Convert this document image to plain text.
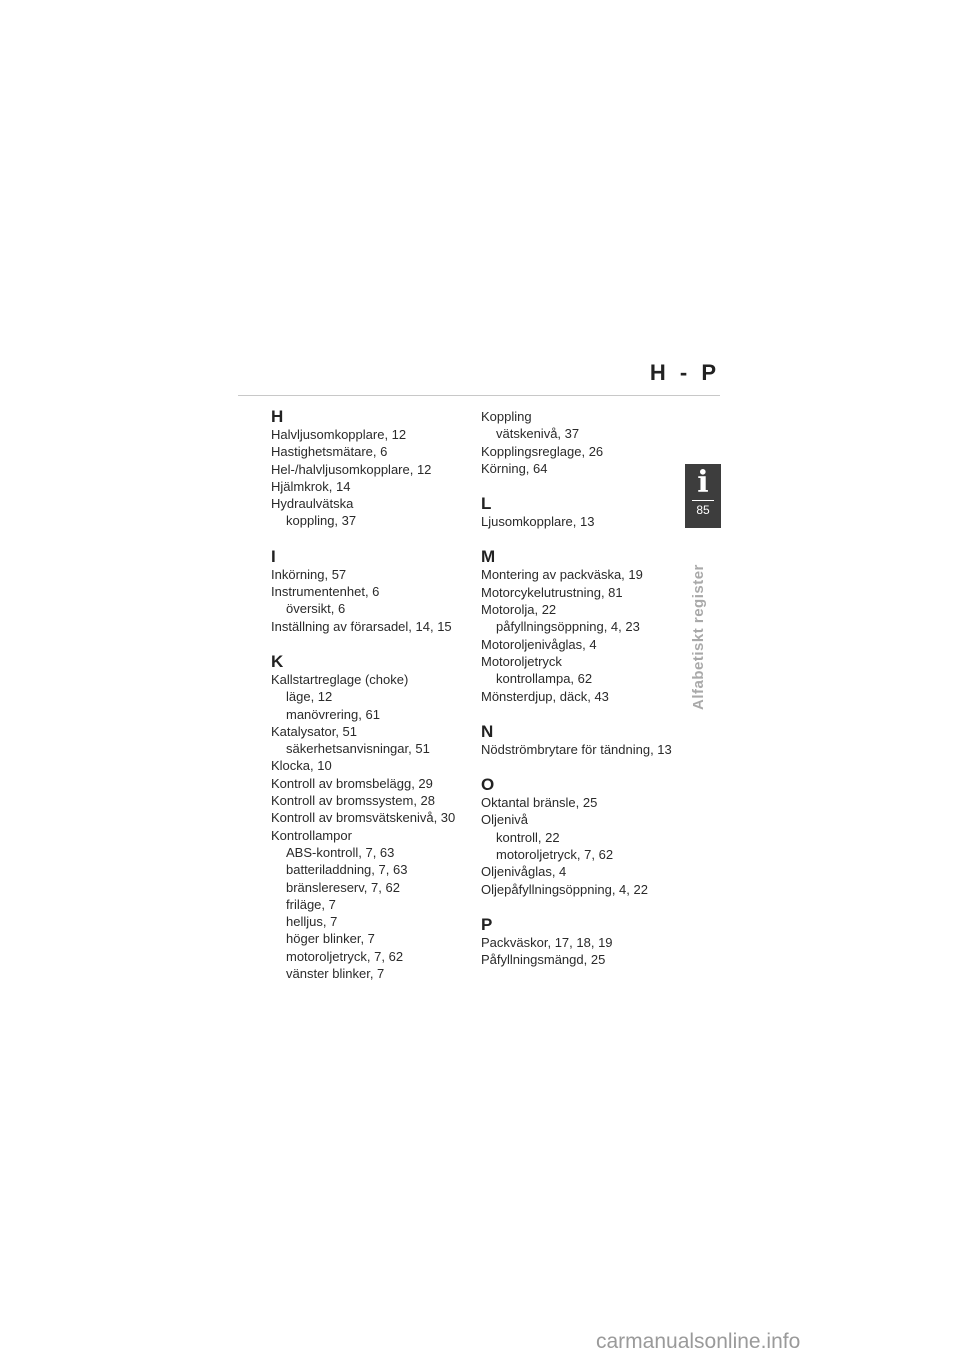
H - P
i
85
Alfabetiskt register
H
Halvljusomkopplare, 12
Hastighetsmätare, 6
Hel-/halvljusomkopplare, 12
Hjälmkrok, 14
Hydraulvätska
koppling, 37
I
Inkörning, 57
Instrumentenhet, 6
översikt, 6
Inställning av förarsadel, 14, 15
K
Kallstartreglage (choke)
läge, 12
manövrering, 61
Katalysator, 51
säkerhetsanvisningar, 51
Klocka, 10
Kontroll av bromsbelägg, 29
Kontroll av bromssystem, 28
Kontroll av bromsvätskenivå, 30
Kontrollampor
ABS-kontroll, 7, 63
batteriladdning, 7, 63
bränslereserv, 7, 62
friläge, 7
helljus, 7
höger blinker, 7
motoroljetryck, 7, 62
vänster blinker, 7
Koppling
vätskenivå, 37
Kopplingsreglage, 26
Körning, 64
L
Ljusomkopplare, 13
M
Montering av packväska, 19
Motorcykelutrustning, 81
Motorolja, 22
påfyllningsöppning, 4, 23
Motoroljenivåglas, 4
Motoroljetryck
kontrollampa, 62
Mönsterdjup, däck, 43
N
Nödströmbrytare för tändning, 13
O
Oktantal bränsle, 25
Oljenivå
kontroll, 22
motoroljetryck, 7, 62
Oljenivåglas, 4
Oljepåfyllningsöppning, 4, 22
P
Packväskor, 17, 18, 19
Påfyllningsmängd, 25
carmanualsonline.info
